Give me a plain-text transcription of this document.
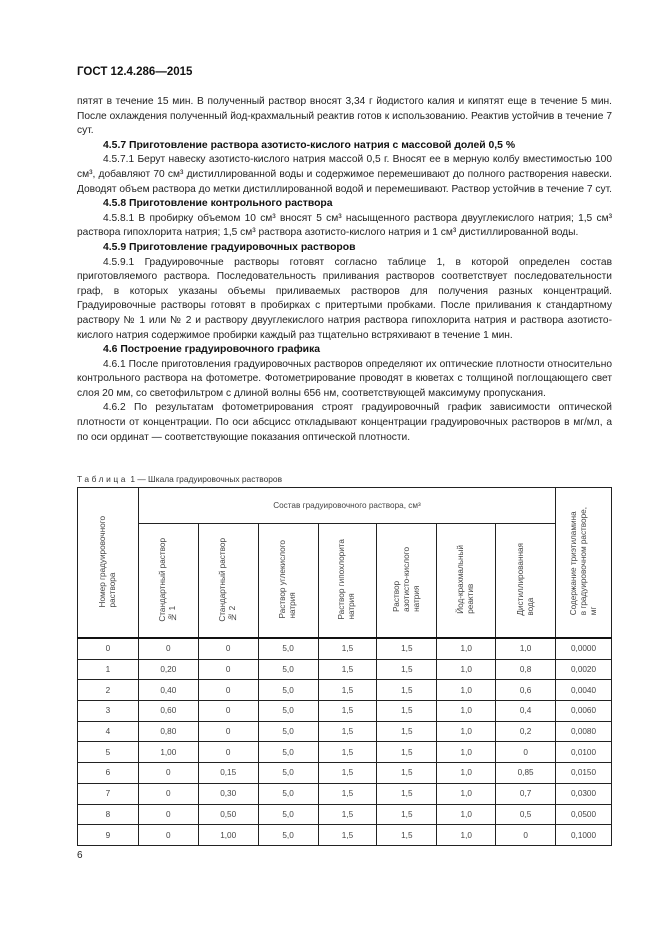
ГОСТ 12.4.286—2015

пятят в течение 15 мин. В полученный раствор вносят 3,34 г йодистого калия и кипятят еще в течение 5 мин. После охлаждения полученный йод-крахмальный реактив готов к использованию. Реактив устойчив в течение 7 сут.

4.5.7 Приготовление раствора азотисто-кислого натрия с массовой долей 0,5 %

4.5.7.1 Берут навеску азотисто-кислого натрия массой 0,5 г. Вносят ее в мерную колбу вместимостью 100 см³, добавляют 70 см³ дистиллированной воды и содержимое перемешивают до полного растворения навески. Доводят объем раствора до метки дистиллированной водой и перемешивают. Раствор устойчив в течение 7 сут.

4.5.8 Приготовление контрольного раствора

4.5.8.1 В пробирку объемом 10 см³ вносят 5 см³ насыщенного раствора двууглекислого натрия; 1,5 см³ раствора гипохлорита натрия; 1,5 см³ раствора азотисто-кислого натрия и 1 см³ дистиллированной воды.

4.5.9 Приготовление градуировочных растворов

4.5.9.1 Градуировочные растворы готовят согласно таблице 1, в которой определен состав приготовляемого раствора. Последовательность приливания растворов соответствует последовательности граф, в которых указаны объемы приливаемых растворов для получения разных концентраций. Градуировочные растворы готовят в пробирках с притертыми пробками. После приливания к стандартному раствору № 1 или № 2 и раствору двууглекислого натрия раствора гипохлорита натрия и раствора азотисто-кислого натрия содержимое пробирки каждый раз тщательно встряхивают в течение 1 мин.

4.6 Построение градуировочного графика

4.6.1 После приготовления градуировочных растворов определяют их оптические плотности относительно контрольного раствора на фотометре. Фотометрирование проводят в кюветах с толщиной поглощающего свет слоя 20 мм, со светофильтром с длиной волны 656 нм, соответствующей максимуму пропускания.

4.6.2 По результатам фотометрирования строят градуировочный график зависимости оптической плотности от концентрации. По оси абсцисс откладывают концентрации градуировочных растворов в мг/мл, а по оси ординат — соответствующие показания оптической плотности.

Таблица 1 — Шкала градуировочных растворов
Номер градуировочного
раствора	Состав градуировочного раствора, см³							Содержание триэтиламина
в градуировочном растворе,
мг
	Стандартный раствор
№ 1	Стандартный раствор
№ 2	Раствор углекислого
натрия	Раствор гипохлорита
натрия	Раствор
азотисто-кислого
натрия	Йод-крахмальный
реактив	Дистиллированная
вода	
0	0	0	5,0	1,5	1,5	1,0	1,0	0,0000
1	0,20	0	5,0	1,5	1,5	1,0	0,8	0,0020
2	0,40	0	5,0	1,5	1,5	1,0	0,6	0,0040
3	0,60	0	5,0	1,5	1,5	1,0	0,4	0,0060
4	0,80	0	5,0	1,5	1,5	1,0	0,2	0,0080
5	1,00	0	5,0	1,5	1,5	1,0	0	0,0100
6	0	0,15	5,0	1,5	1,5	1,0	0,85	0,0150
7	0	0,30	5,0	1,5	1,5	1,0	0,7	0,0300
8	0	0,50	5,0	1,5	1,5	1,0	0,5	0,0500
9	0	1,00	5,0	1,5	1,5	1,0	0	0,1000
6
